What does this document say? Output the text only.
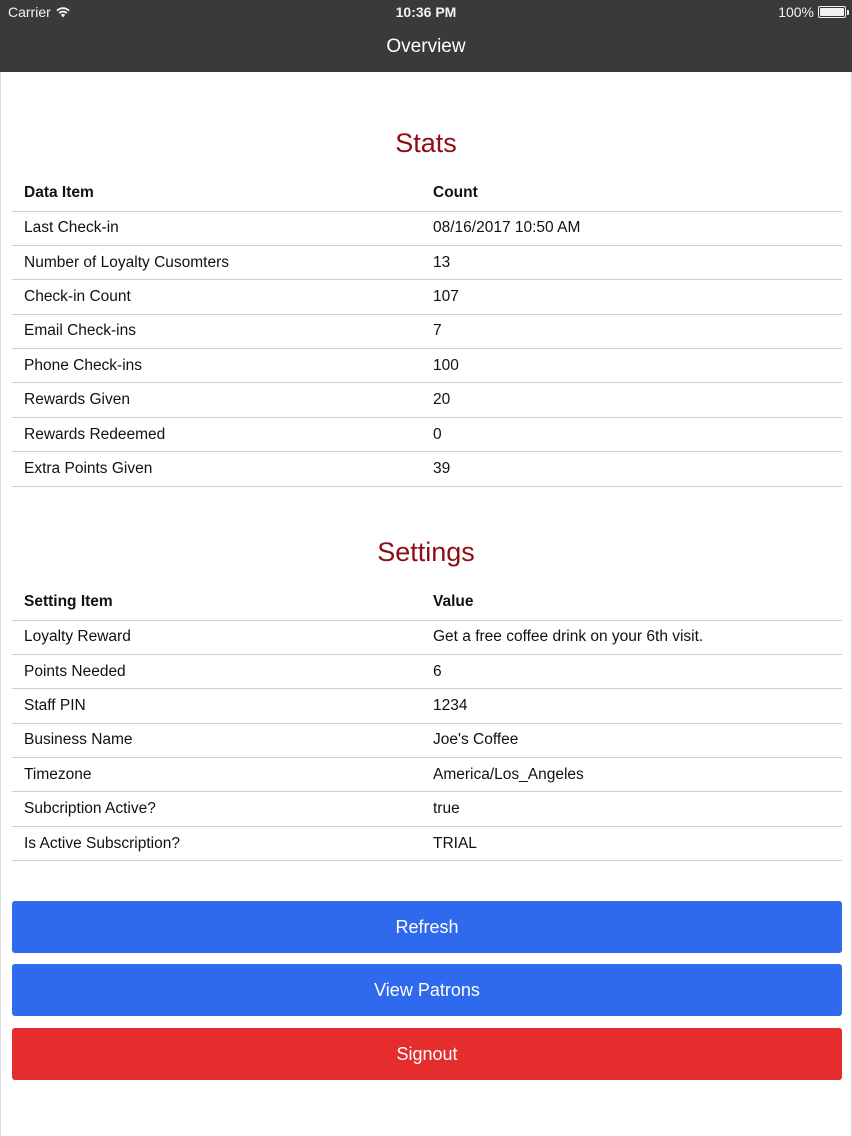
Carrier	10:36 PM	100%
Overview
Stats
Data Item	Count
Last Check-in	08/16/2017 10:50 AM
Number of Loyalty Cusomters	13
Check-in Count	107
Email Check-ins	7
Phone Check-ins	100
Rewards Given	20
Rewards Redeemed	0
Extra Points Given	39
Settings
Setting Item	Value
Loyalty Reward	Get a free coffee drink on your 6th visit.
Points Needed	6
Staff PIN	1234
Business Name	Joe's Coffee
Timezone	America/Los_Angeles
Subcription Active?	true
Is Active Subscription?	TRIAL
Refresh
View Patrons
Signout
